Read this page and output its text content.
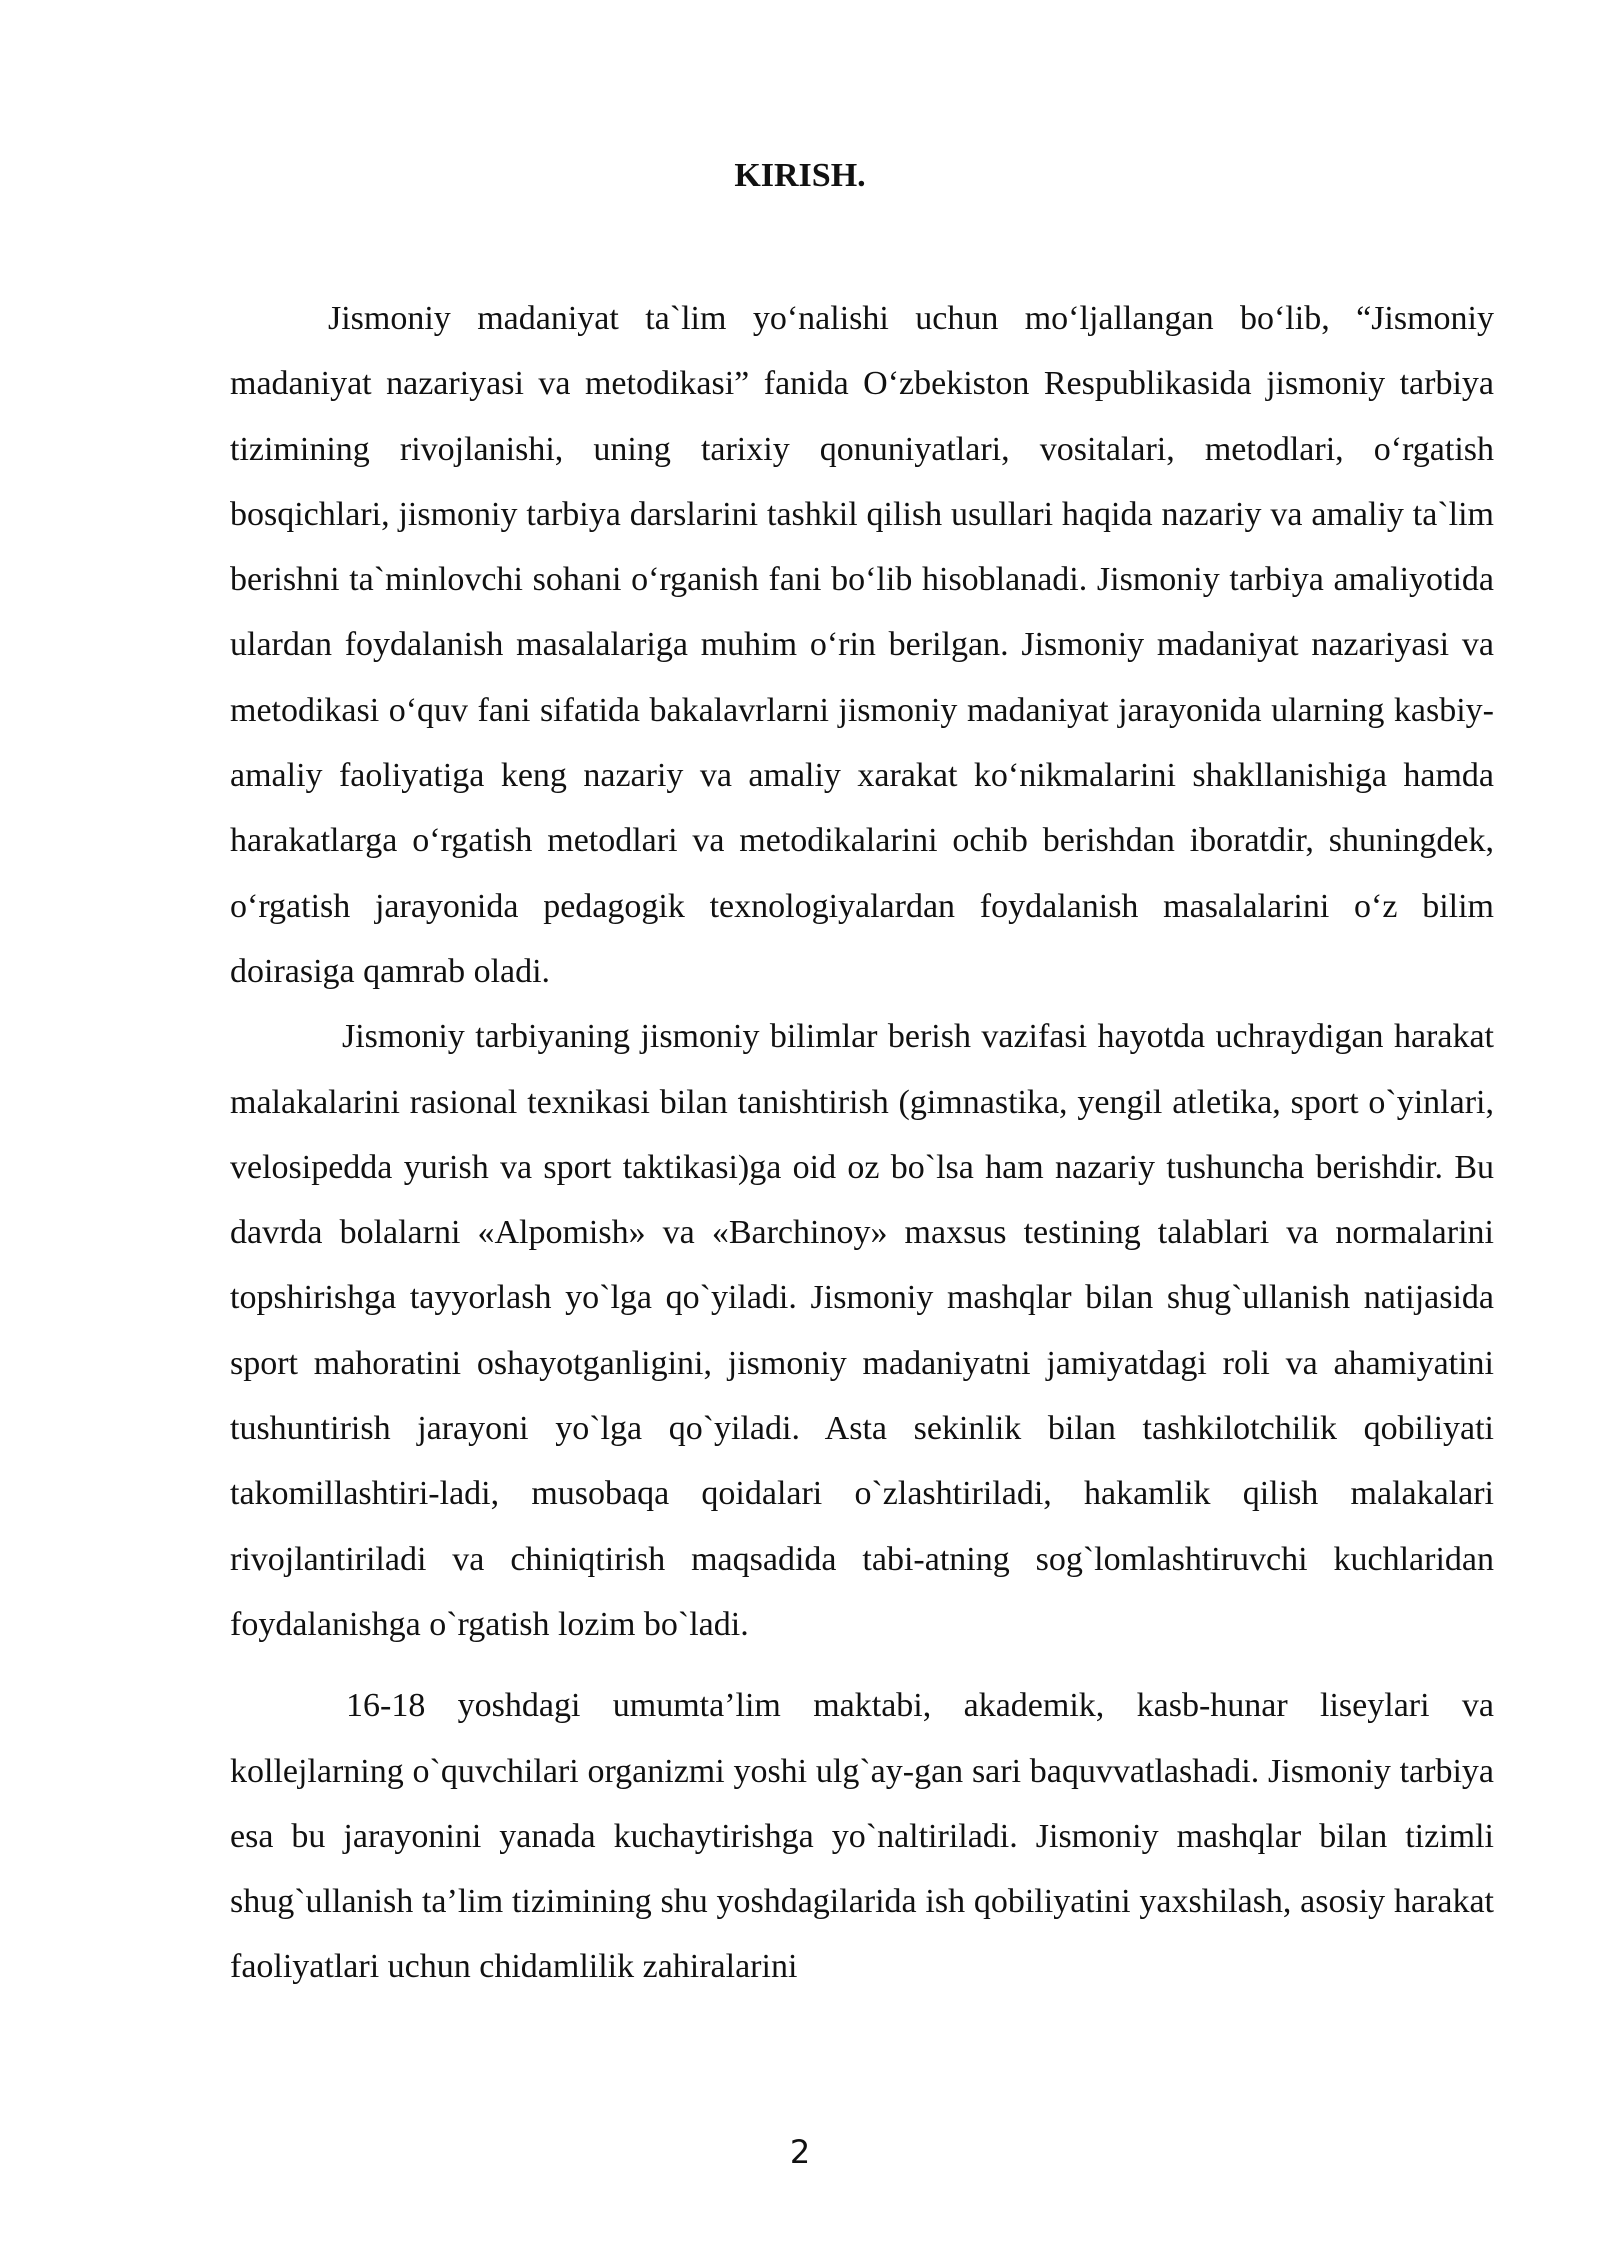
KIRISH.

Jismoniy madaniyat ta`lim yo‘nalishi uchun mo‘ljallangan bo‘lib, “Jismoniy madaniyat nazariyasi va metodikasi” fanida O‘zbekiston Respublikasida jismoniy tarbiya tizimining rivojlanishi, uning tarixiy qonuniyatlari, vositalari, metodlari, o‘rgatish bosqichlari, jismoniy tarbiya darslarini tashkil qilish usullari haqida nazariy va amaliy ta`lim berishni ta`minlovchi sohani o‘rganish fani bo‘lib hisoblanadi. Jismoniy tarbiya amaliyotida ulardan foydalanish masalalariga muhim o‘rin berilgan. Jismoniy madaniyat nazariyasi va metodikasi o‘quv fani sifatida bakalavrlarni jismoniy madaniyat jarayonida ularning kasbiy-amaliy faoliyatiga keng nazariy va amaliy xarakat ko‘nikmalarini shakllanishiga hamda harakatlarga o‘rgatish metodlari va metodikalarini ochib berishdan iboratdir, shuningdek, o‘rgatish jarayonida pedagogik texnologiyalardan foydalanish masalalarini o‘z bilim doirasiga qamrab oladi.

Jismoniy tarbiyaning jismoniy bilimlar berish vazifasi hayotda uchraydigan harakat malakalarini rasional texnikasi bilan tanishtirish (gimnastika, yengil atletika, sport o`yinlari, velosipedda yurish va sport taktikasi)ga oid oz bo`lsa ham nazariy tushuncha berishdir. Bu davrda bolalarni «Alpomish» va «Barchinoy» maxsus testining talablari va normalarini topshirishga tayyorlash yo`lga qo`yiladi. Jismoniy mashqlar bilan shug`ullanish natijasida sport mahoratini oshayotganligini, jismoniy madaniyatni jamiyatdagi roli va ahamiyatini tushuntirish jarayoni yo`lga qo`yiladi. Asta sekinlik bilan tashkilotchilik qobiliyati takomillashtiri-ladi, musobaqa qoidalari o`zlashtiriladi, hakamlik qilish malakalari rivojlantiriladi va chiniqtirish maqsadida tabi-atning sog`lomlashtiruvchi kuchlaridan foydalanishga o`rgatish lozim bo`ladi.

16-18 yoshdagi umumta’lim maktabi, akademik, kasb-hunar liseylari va kollejlarning o`quvchilari organizmi yoshi ulg`ay-gan sari baquvvatlashadi. Jismoniy tarbiya esa bu jarayonini yanada kuchaytirishga yo`naltiriladi. Jismoniy mashqlar bilan tizimli shug`ullanish ta’lim tizimining shu yoshdagilarida ish qobiliyatini yaxshilash, asosiy harakat faoliyatlari uchun chidamlilik zahiralarini

2
